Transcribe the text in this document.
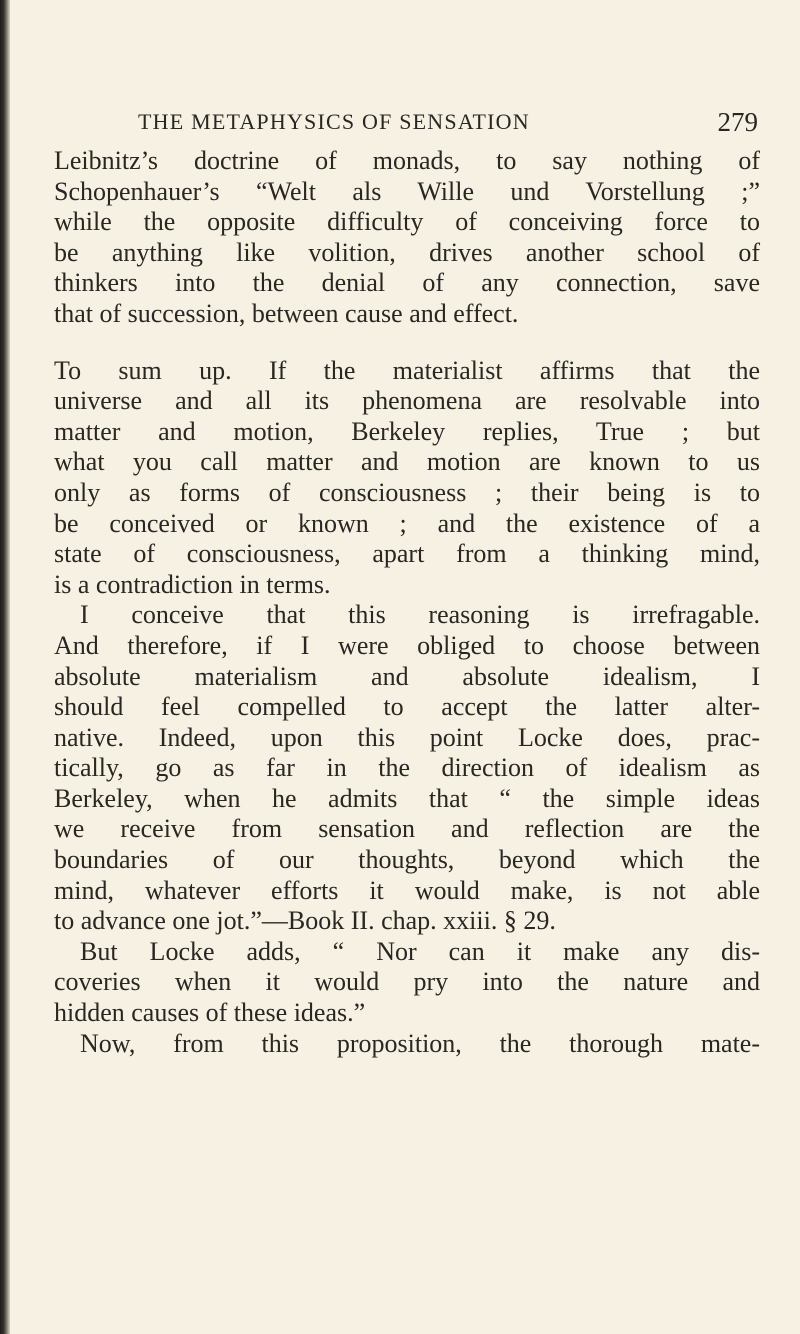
THE METAPHYSICS OF SENSATION	279
Leibnitz’s doctrine of monads, to say nothing of
Schopenhauer’s “Welt als Wille und Vorstellung ;”
while the opposite difficulty of conceiving force to
be anything like volition, drives another school of
thinkers into the denial of any connection, save
that of succession, between cause and effect.
To sum up. If the materialist affirms that the
universe and all its phenomena are resolvable into
matter and motion, Berkeley replies, True ; but
what you call matter and motion are known to us
only as forms of consciousness ; their being is to
be conceived or known ; and the existence of a
state of consciousness, apart from a thinking mind,
is a contradiction in terms.
I conceive that this reasoning is irrefragable.
And therefore, if I were obliged to choose between
absolute materialism and absolute idealism, I
should feel compelled to accept the latter alter-
native. Indeed, upon this point Locke does, prac-
tically, go as far in the direction of idealism as
Berkeley, when he admits that “ the simple ideas
we receive from sensation and reflection are the
boundaries of our thoughts, beyond which the
mind, whatever efforts it would make, is not able
to advance one jot.”—Book II. chap. xxiii. § 29.
But Locke adds, “ Nor can it make any dis-
coveries when it would pry into the nature and
hidden causes of these ideas.”
Now, from this proposition, the thorough mate-
